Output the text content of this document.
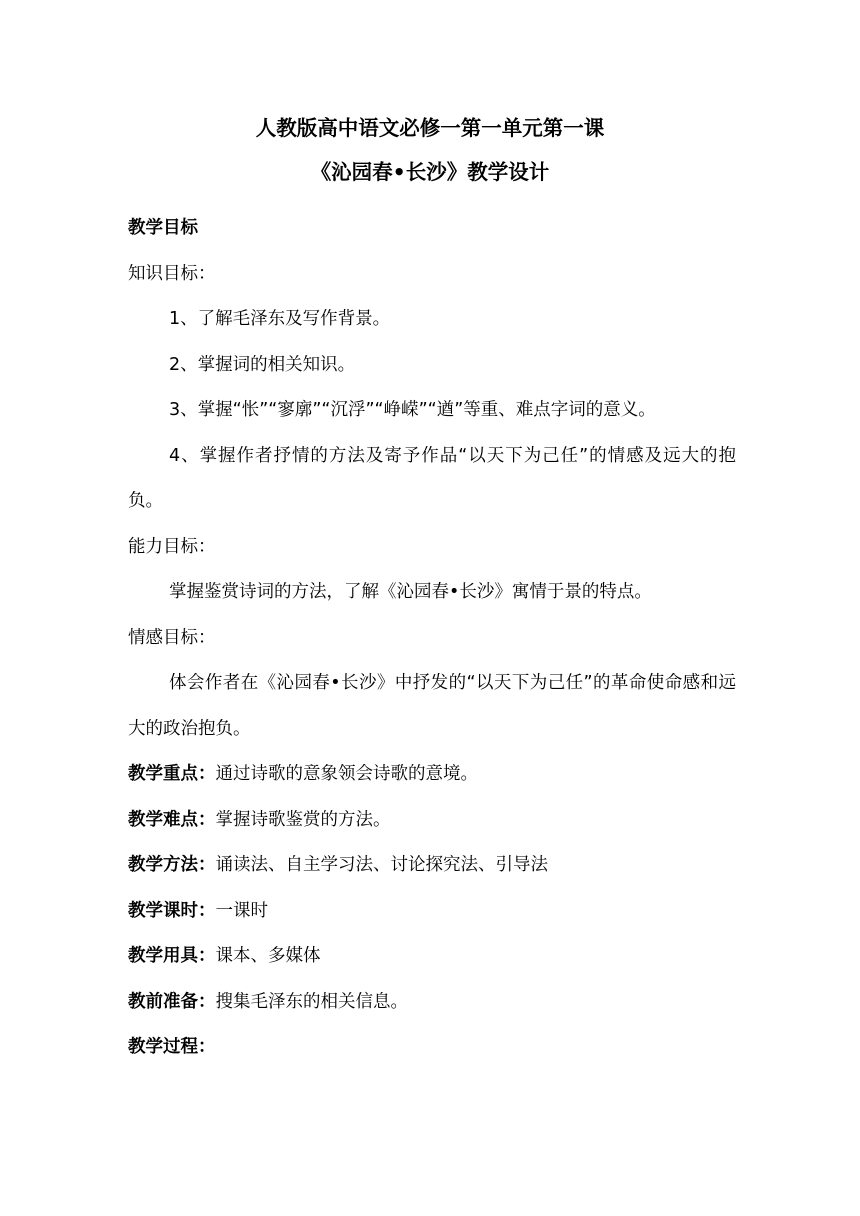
人教版高中语文必修一第一单元第一课

《沁园春•长沙》教学设计

教学目标

知识目标：

1、了解毛泽东及写作背景。

2、掌握词的相关知识。

3、掌握“怅”“寥廓”“沉浮”“峥嵘”“遒”等重、难点字词的意义。

4、掌握作者抒情的方法及寄予作品“以天下为己任”的情感及远大的抱负。

能力目标：

掌握鉴赏诗词的方法，了解《沁园春•长沙》寓情于景的特点。

情感目标：

体会作者在《沁园春•长沙》中抒发的“以天下为己任”的革命使命感和远大的政治抱负。

教学重点：通过诗歌的意象领会诗歌的意境。

教学难点：掌握诗歌鉴赏的方法。

教学方法：诵读法、自主学习法、讨论探究法、引导法

教学课时：一课时

教学用具：课本、多媒体

教前准备：搜集毛泽东的相关信息。

教学过程：
